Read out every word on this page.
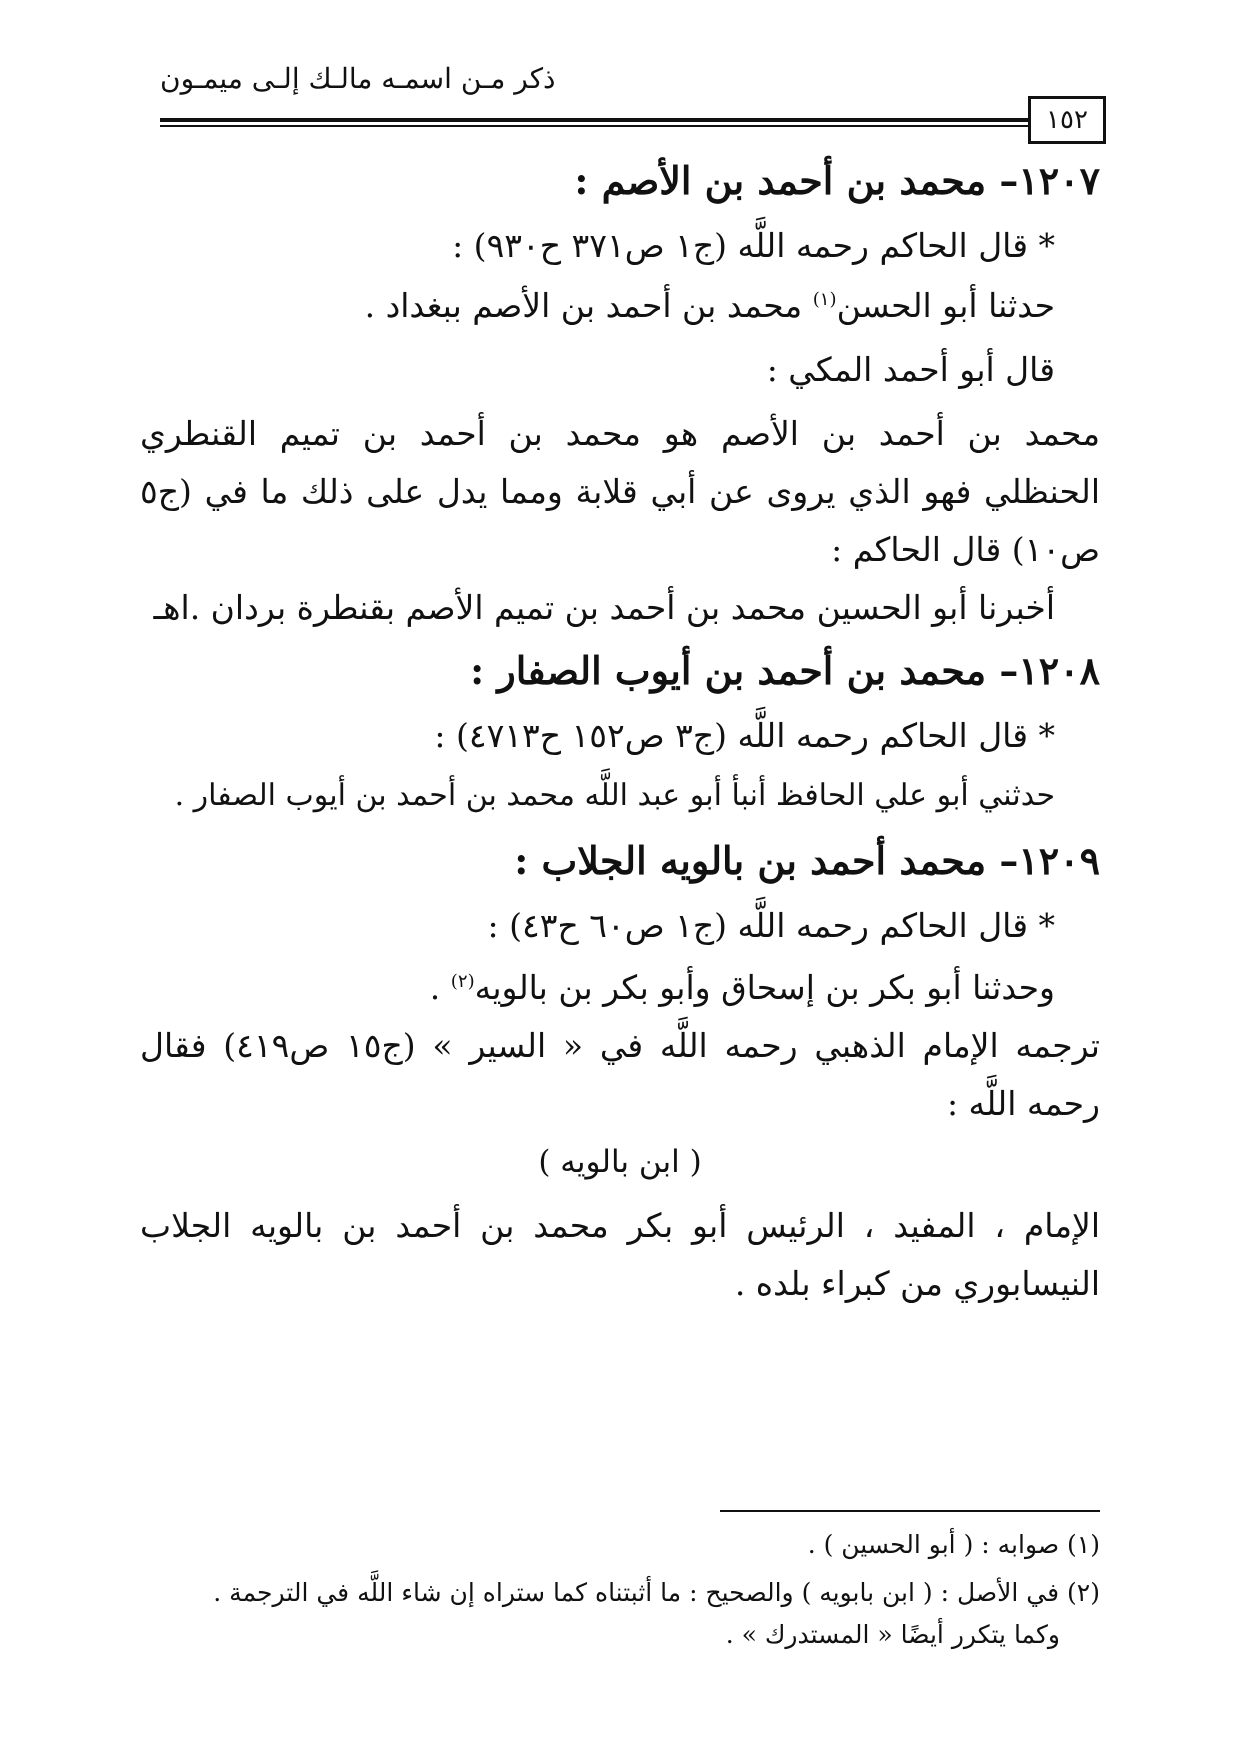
ذكر مـن اسمـه مالـك إلـى ميمـون
١٥٢
١٢٠٧– محمد بن أحمد بن الأصم :
* قال الحاكم رحمه اللَّه (ج١ ص٣٧١ ح٩٣٠) :
حدثنا أبو الحسن$^{(١)}$ محمد بن أحمد بن الأصم ببغداد .
قال أبو أحمد المكي :
محمد بن أحمد بن الأصم هو محمد بن أحمد بن تميم القنطري
الحنظلي فهو الذي يروى عن أبي قلابة ومما يدل على ذلك ما في (ج٥
ص١٠) قال الحاكم :
أخبرنا أبو الحسين محمد بن أحمد بن تميم الأصم بقنطرة بردان .اهـ
١٢٠٨– محمد بن أحمد بن أيوب الصفار :
* قال الحاكم رحمه اللَّه (ج٣ ص١٥٢ ح٤٧١٣) :
حدثني أبو علي الحافظ أنبأ أبو عبد اللَّه محمد بن أحمد بن أيوب الصفار .
١٢٠٩– محمد أحمد بن بالويه الجلاب :
* قال الحاكم رحمه اللَّه (ج١ ص٦٠ ح٤٣) :
وحدثنا أبو بكر بن إسحاق وأبو بكر بن بالويه$^{(٢)}$ .
ترجمه الإمام الذهبي رحمه اللَّه في « السير » (ج١٥ ص٤١٩) فقال
رحمه اللَّه :
( ابن بالويه )
الإمام ، المفيد ، الرئيس أبو بكر محمد بن أحمد بن بالويه الجلاب
النيسابوري من كبراء بلده .
(١) صوابه : ( أبو الحسين ) .
(٢) في الأصل : ( ابن بابويه ) والصحيح : ما أثبتناه كما ستراه إن شاء اللَّه في الترجمة .
وكما يتكرر أيضًا « المستدرك » .
